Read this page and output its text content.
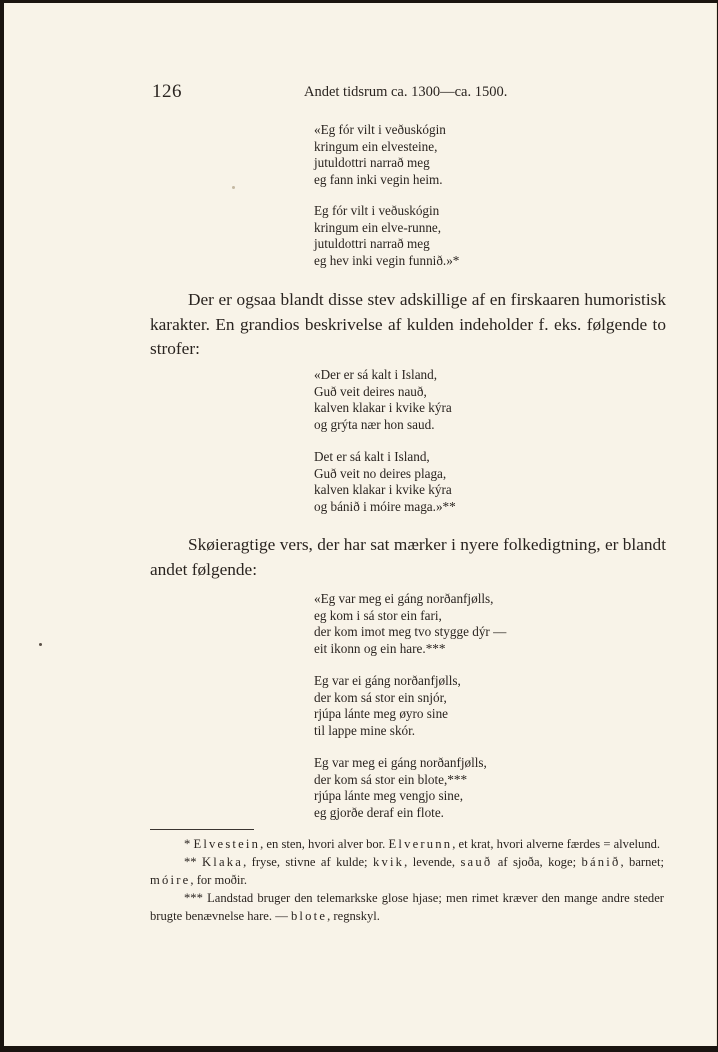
126	Andet tidsrum ca. 1300—ca. 1500.
«Eg fór vilt i veðuskógin
kringum ein elvesteine,
jutuldottri narrað meg
eg fann inki vegin heim.
Eg fór vilt i veðuskógin
kringum ein elve-runne,
jutuldottri narrað meg
eg hev inki vegin funnið.»*
Der er ogsaa blandt disse stev adskillige af en firskaaren humoristisk karakter. En grandios beskrivelse af kulden indeholder f. eks. følgende to strofer:
«Der er sá kalt i Island,
Guð veit deires nauð,
kalven klakar i kvike kýra
og grýta nær hon saud.
Det er sá kalt i Island,
Guð veit no deires plaga,
kalven klakar i kvike kýra
og bánið i móire maga.»**
Skøieragtige vers, der har sat mærker i nyere folkedigtning, er blandt andet følgende:
«Eg var meg ei gáng norðanfjølls,
eg kom i sá stor ein fari,
der kom imot meg tvo stygge dýr —
eit ikonn og ein hare.***
Eg var ei gáng norðanfjølls,
der kom sá stor ein snjór,
rjúpa lánte meg øyro sine
til lappe mine skór.
Eg var meg ei gáng norðanfjølls,
der kom sá stor ein blote,***
rjúpa lánte meg vengjo sine,
eg gjorðe deraf ein flote.

* Elvestein, en sten, hvori alver bor. Elverunn, et krat, hvori alverne færdes = alvelund.

** Klaka, fryse, stivne af kulde; kvik, levende, sauð af sjoða, koge; bánið, barnet; móire, for moðir.

*** Landstad bruger den telemarkske glose hjase; men rimet kræver den mange andre steder brugte benævnelse hare. — blote, regnskyl.
